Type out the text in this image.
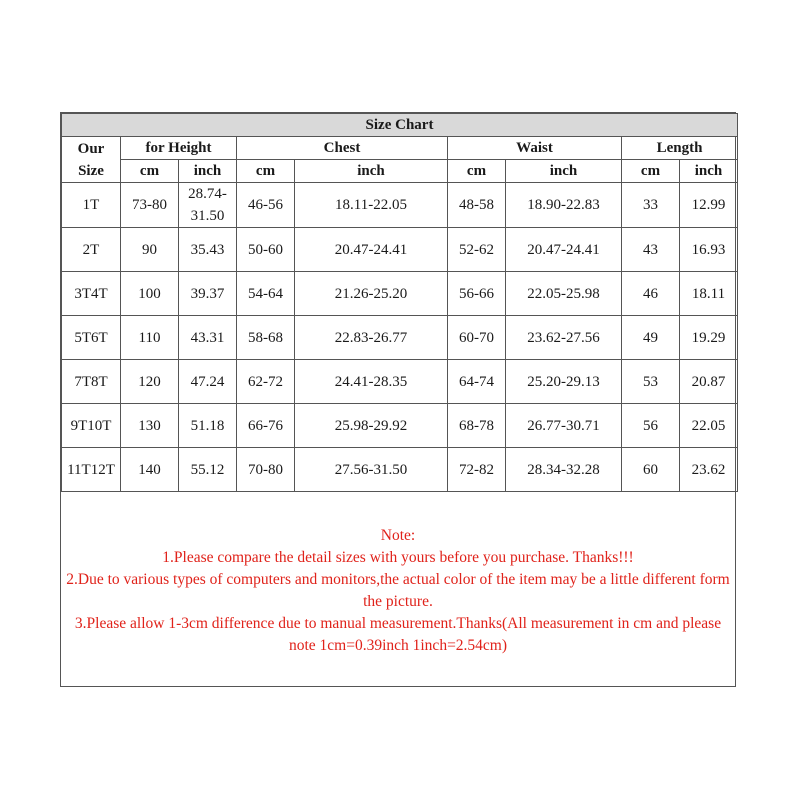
Size Chart								

Our
Size	for Height		Chest		Waist		Length	
	cm	inch	cm	inch	cm	inch	cm	inch
1T	73-80	28.74-31.50	46-56	18.11-22.05	48-58	18.90-22.83	33	12.99
2T	90	35.43	50-60	20.47-24.41	52-62	20.47-24.41	43	16.93
3T4T	100	39.37	54-64	21.26-25.20	56-66	22.05-25.98	46	18.11
5T6T	110	43.31	58-68	22.83-26.77	60-70	23.62-27.56	49	19.29
7T8T	120	47.24	62-72	24.41-28.35	64-74	25.20-29.13	53	20.87
9T10T	130	51.18	66-76	25.98-29.92	68-78	26.77-30.71	56	22.05
11T12T	140	55.12	70-80	27.56-31.50	72-82	28.34-32.28	60	23.62
Note:
1.Please compare the detail sizes with yours before you purchase. Thanks!!!
2.Due to various types of computers and monitors,the actual color of the item may be a little different form the picture.
3.Please allow 1-3cm difference due to manual measurement.Thanks(All measurement in cm and please note 1cm=0.39inch 1inch=2.54cm)
